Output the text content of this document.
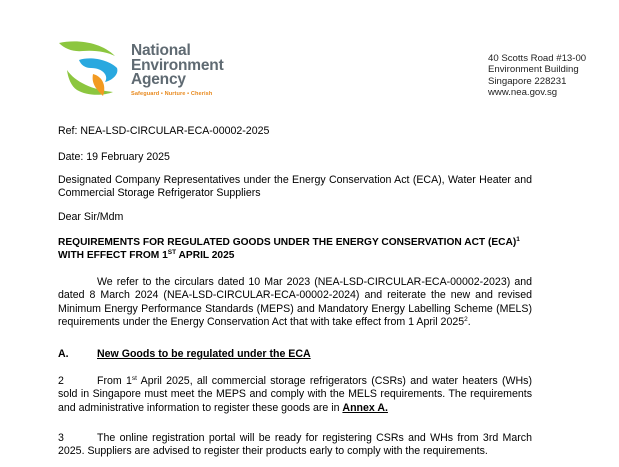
National
Environment
Agency
Safeguard • Nurture • Cherish
40 Scotts Road #13-00
Environment Building
Singapore 228231
www.nea.gov.sg
Ref: NEA-LSD-CIRCULAR-ECA-00002-2025
Date: 19 February 2025
Designated Company Representatives under the Energy Conservation Act (ECA), Water Heater and Commercial Storage Refrigerator Suppliers
Dear Sir/Mdm
REQUIREMENTS FOR REGULATED GOODS UNDER THE ENERGY CONSERVATION ACT (ECA)$^1$
WITH EFFECT FROM 1ST APRIL 2025
We refer to the circulars dated 10 Mar 2023 (NEA-LSD-CIRCULAR-ECA-00002-2023) and dated 8 March 2024 (NEA-LSD-CIRCULAR-ECA-00002-2024) and reiterate the new and revised Minimum Energy Performance Standards (MEPS) and Mandatory Energy Labelling Scheme (MELS) requirements under the Energy Conservation Act that with take effect from 1 April 2025$^2$.
A.	New Goods to be regulated under the ECA
2	From 1st April 2025, all commercial storage refrigerators (CSRs) and water heaters (WHs) sold in Singapore must meet the MEPS and comply with the MELS requirements. The requirements and administrative information to register these goods are in Annex A.
3	The online registration portal will be ready for registering CSRs and WHs from 3rd March 2025. Suppliers are advised to register their products early to comply with the requirements.
